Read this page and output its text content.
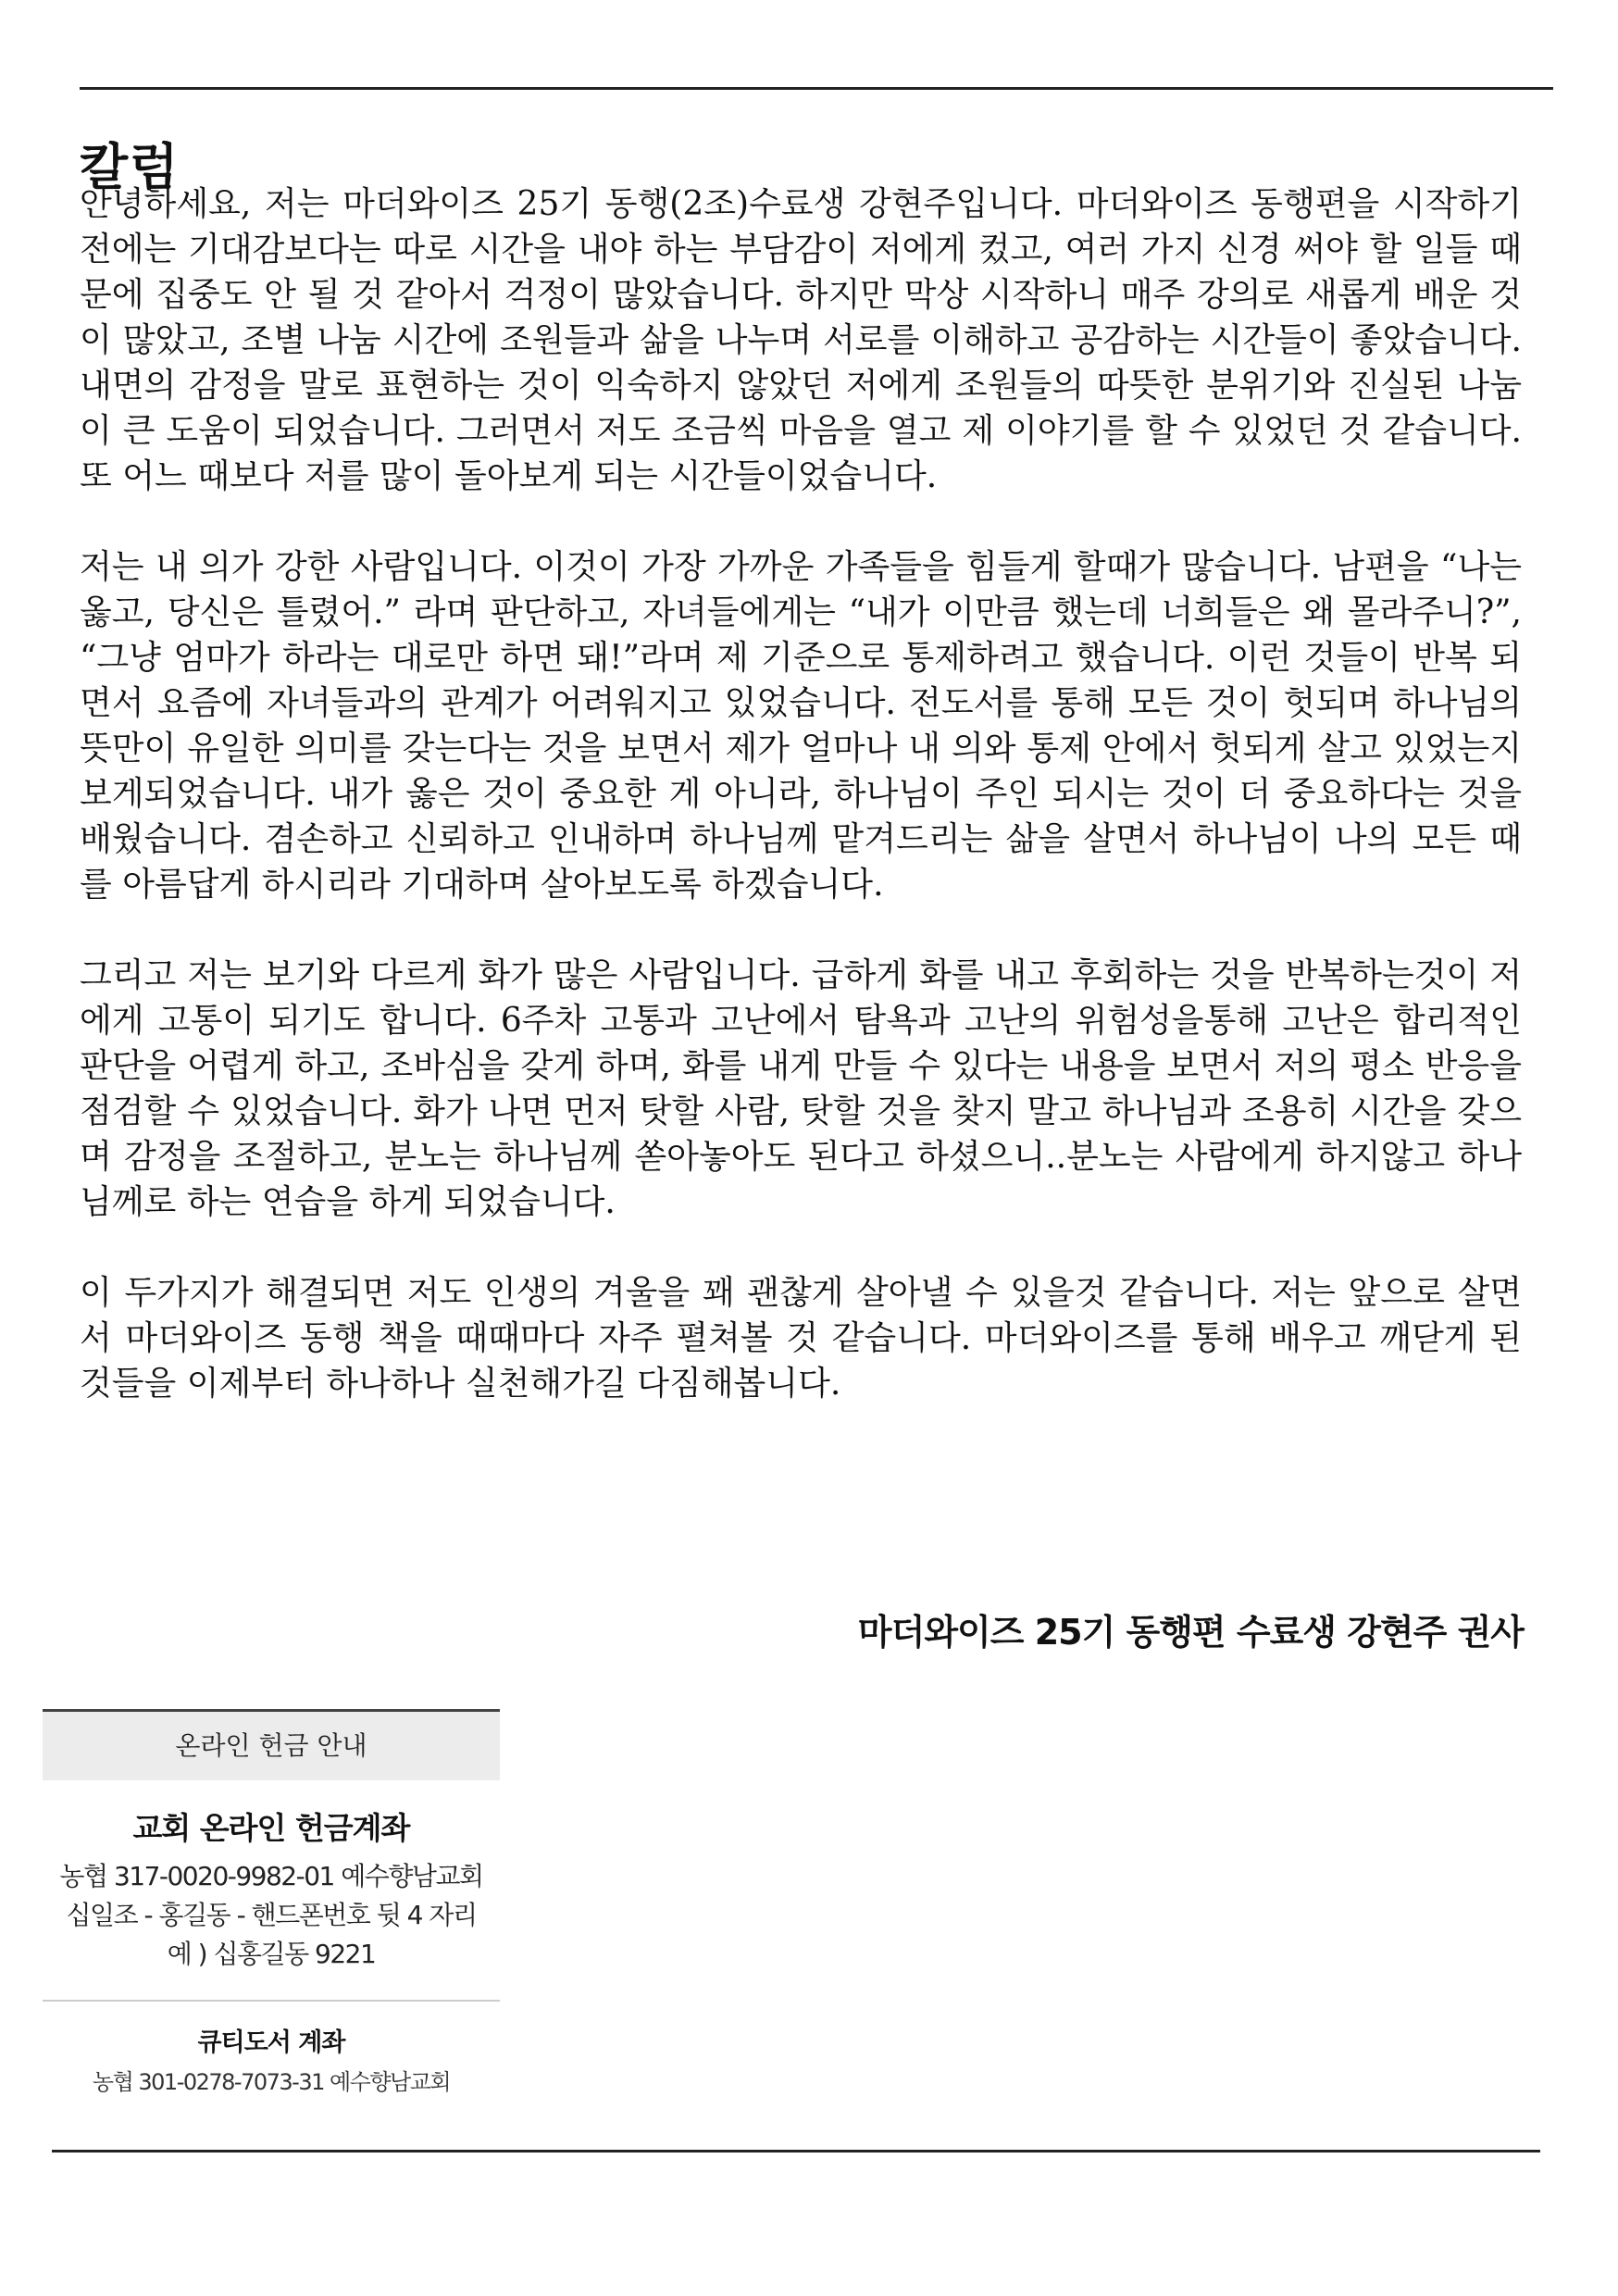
칼럼

안녕하세요, 저는 마더와이즈 25기 동행(2조)수료생 강현주입니다. 마더와이즈 동행편을 시작하기 전에는 기대감보다는 따로 시간을 내야 하는 부담감이 저에게 컸고, 여러 가지 신경 써야 할 일들 때문에 집중도 안 될 것 같아서 걱정이 많았습니다. 하지만 막상 시작하니 매주 강의로 새롭게 배운 것이 많았고, 조별 나눔 시간에 조원들과 삶을 나누며 서로를 이해하고 공감하는 시간들이 좋았습니다. 내면의 감정을 말로 표현하는 것이 익숙하지 않았던 저에게 조원들의 따뜻한 분위기와 진실된 나눔이 큰 도움이 되었습니다. 그러면서 저도 조금씩 마음을 열고 제 이야기를 할 수 있었던 것 같습니다. 또 어느 때보다 저를 많이 돌아보게 되는 시간들이었습니다.

저는 내 의가 강한 사람입니다. 이것이 가장 가까운 가족들을 힘들게 할때가 많습니다. 남편을 “나는 옳고, 당신은 틀렸어.” 라며 판단하고, 자녀들에게는 “내가 이만큼 했는데 너희들은 왜 몰라주니?”, “그냥 엄마가 하라는 대로만 하면 돼!”라며 제 기준으로 통제하려고 했습니다. 이런 것들이 반복 되면서 요즘에 자녀들과의 관계가 어려워지고 있었습니다. 전도서를 통해 모든 것이 헛되며 하나님의 뜻만이 유일한 의미를 갖는다는 것을 보면서 제가 얼마나 내 의와 통제 안에서 헛되게 살고 있었는지 보게되었습니다. 내가 옳은 것이 중요한 게 아니라, 하나님이 주인 되시는 것이 더 중요하다는 것을 배웠습니다. 겸손하고 신뢰하고 인내하며 하나님께 맡겨드리는 삶을 살면서 하나님이 나의 모든 때를 아름답게 하시리라 기대하며 살아보도록 하겠습니다.

그리고 저는 보기와 다르게 화가 많은 사람입니다. 급하게 화를 내고 후회하는 것을 반복하는것이 저에게 고통이 되기도 합니다. 6주차 고통과 고난에서 탐욕과 고난의 위험성을통해 고난은 합리적인 판단을 어렵게 하고, 조바심을 갖게 하며, 화를 내게 만들 수 있다는 내용을 보면서 저의 평소 반응을 점검할 수 있었습니다. 화가 나면 먼저 탓할 사람, 탓할 것을 찾지 말고 하나님과 조용히 시간을 갖으며 감정을 조절하고, 분노는 하나님께 쏟아놓아도 된다고 하셨으니..분노는 사람에게 하지않고 하나님께로 하는 연습을 하게 되었습니다.

이 두가지가 해결되면 저도 인생의 겨울을 꽤 괜찮게 살아낼 수 있을것 같습니다. 저는 앞으로 살면서 마더와이즈 동행 책을 때때마다 자주 펼쳐볼 것 같습니다. 마더와이즈를 통해 배우고 깨닫게 된 것들을 이제부터 하나하나 실천해가길 다짐해봅니다.

마더와이즈 25기 동행편 수료생 강현주 권사
온라인 헌금 안내
교회 온라인 헌금계좌
농협 317-0020-9982-01 예수향남교회
십일조 - 홍길동 - 핸드폰번호 뒷 4 자리
예 ) 십홍길동 9221
큐티도서 계좌
농협 301-0278-7073-31 예수향남교회
